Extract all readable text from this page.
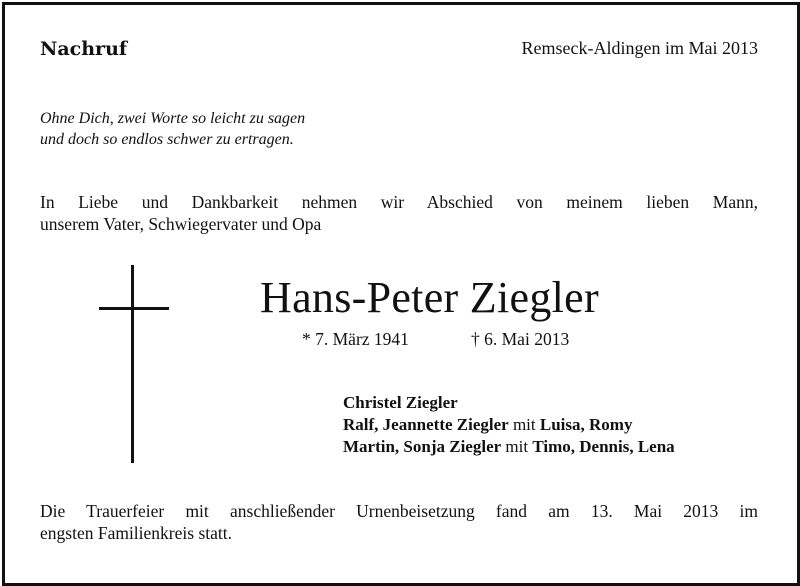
Nachruf	Remseck-Aldingen im Mai 2013
Ohne Dich, zwei Worte so leicht zu sagen
und doch so endlos schwer zu ertragen.
In Liebe und Dankbarkeit nehmen wir Abschied von meinem lieben Mann,
unserem Vater, Schwiegervater und Opa
Hans-Peter Ziegler
* 7. März 1941	† 6. Mai 2013
Christel Ziegler
Ralf, Jeannette Ziegler mit Luisa, Romy
Martin, Sonja Ziegler mit Timo, Dennis, Lena
Die Trauerfeier mit anschließender Urnenbeisetzung fand am 13. Mai 2013 im
engsten Familienkreis statt.
